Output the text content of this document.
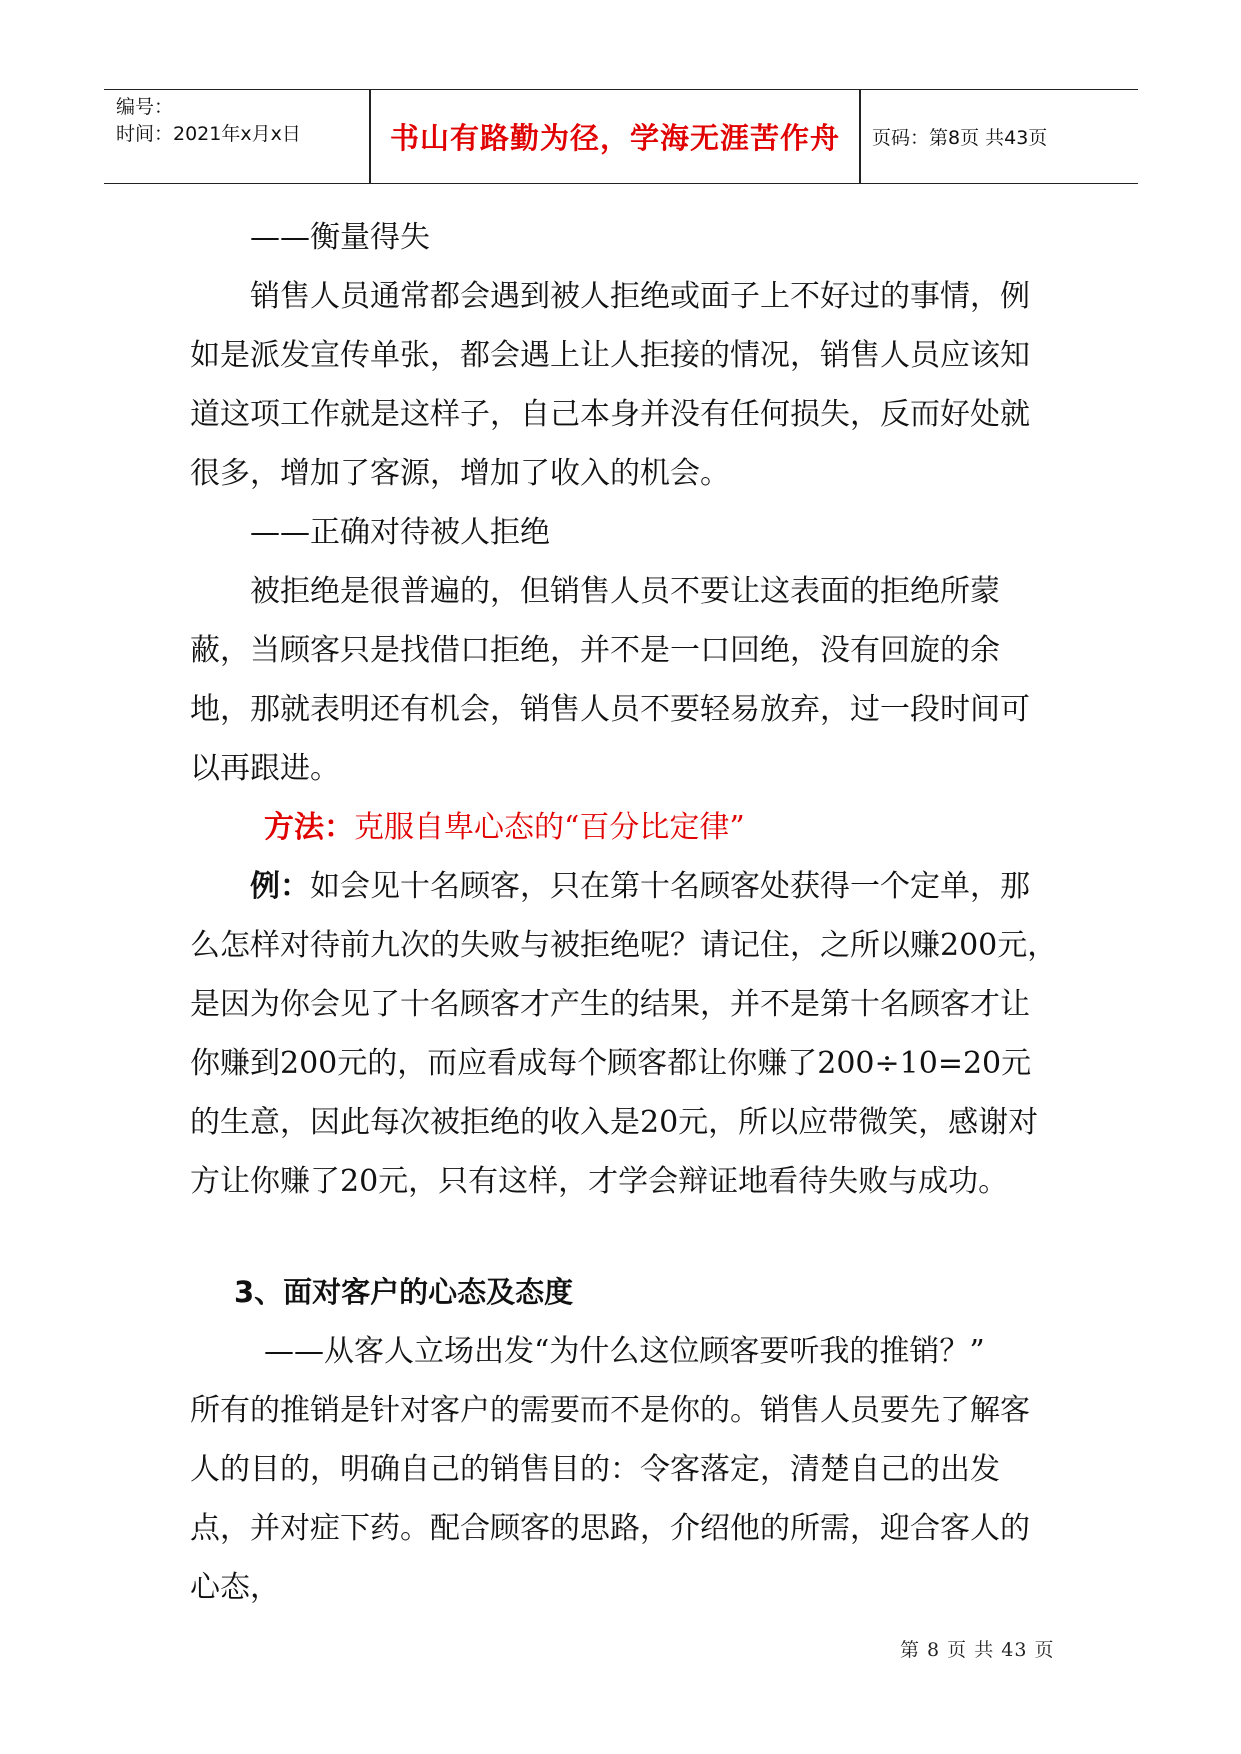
编号：
时间：2021年x月x日	书山有路勤为径，学海无涯苦作舟	页码：第8页 共43页

——衡量得失

销售人员通常都会遇到被人拒绝或面子上不好过的事情，例如是派发宣传单张，都会遇上让人拒接的情况，销售人员应该知道这项工作就是这样子，自己本身并没有任何损失，反而好处就很多，增加了客源，增加了收入的机会。

——正确对待被人拒绝

被拒绝是很普遍的，但销售人员不要让这表面的拒绝所蒙蔽，当顾客只是找借口拒绝，并不是一口回绝，没有回旋的余地，那就表明还有机会，销售人员不要轻易放弃，过一段时间可以再跟进。

方法：克服自卑心态的“百分比定律”

例：如会见十名顾客，只在第十名顾客处获得一个定单，那么怎样对待前九次的失败与被拒绝呢？请记住，之所以赚200元，是因为你会见了十名顾客才产生的结果，并不是第十名顾客才让你赚到200元的，而应看成每个顾客都让你赚了200÷10=20元的生意，因此每次被拒绝的收入是20元，所以应带微笑，感谢对方让你赚了20元，只有这样，才学会辩证地看待失败与成功。

3、面对客户的心态及态度

——从客人立场出发“为什么这位顾客要听我的推销？”

所有的推销是针对客户的需要而不是你的。销售人员要先了解客人的目的，明确自己的销售目的：令客落定，清楚自己的出发点，并对症下药。配合顾客的思路，介绍他的所需，迎合客人的心态，

第 8 页 共 43 页
